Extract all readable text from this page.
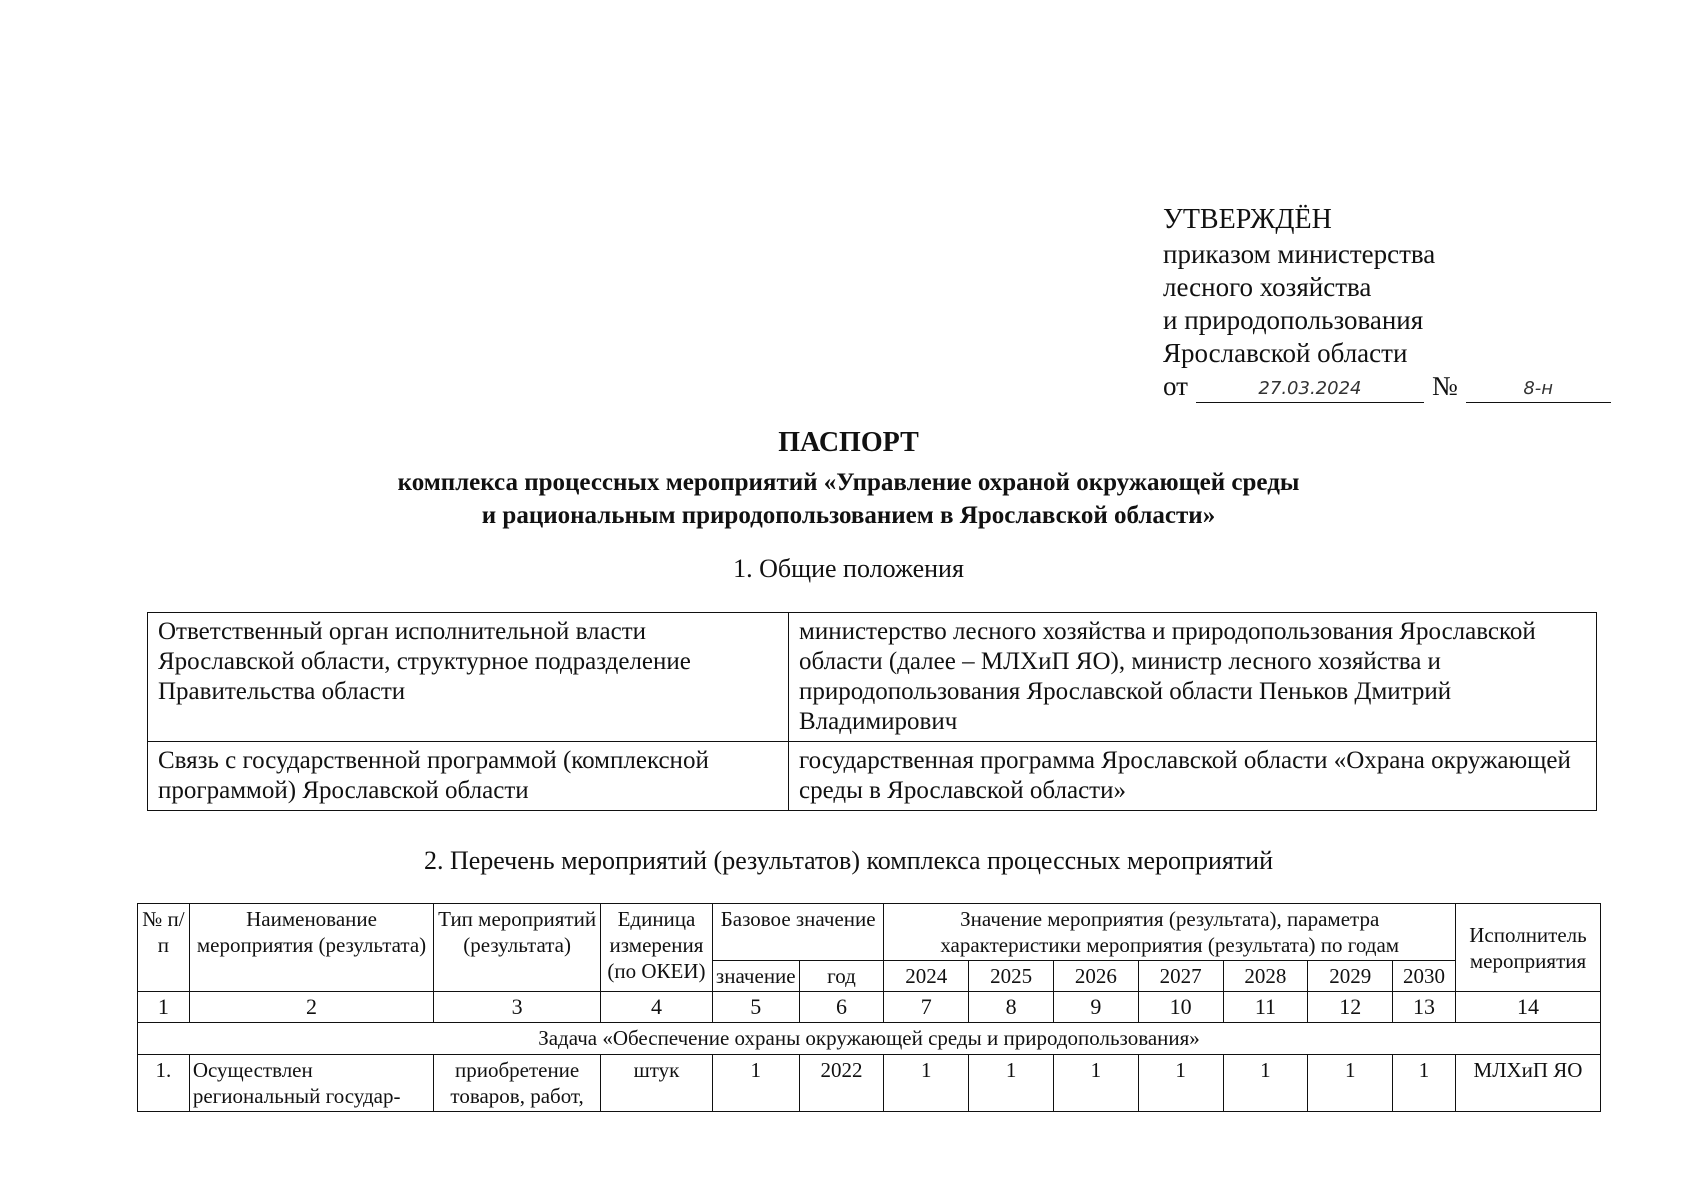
УТВЕРЖДЁН
приказом министерства
лесного хозяйства
и природопользования
Ярославской области
от	27.03.2024	№	8-н
ПАСПОРТ
комплекса процессных мероприятий «Управление охраной окружающей среды
и рациональным природопользованием в Ярославской области»
1. Общие положения
Ответственный орган исполнительной власти Ярославской области, структурное подразделение Правительства области	министерство лесного хозяйства и природопользования Ярославской области (далее – МЛХиП ЯО), министр лесного хозяйства и природопользования Ярославской области Пеньков Дмитрий Владимирович
Связь с государственной программой (комплексной программой) Ярославской области	государственная программа Ярославской области «Охрана окружающей среды в Ярославской области»
2. Перечень мероприятий (результатов) комплекса процессных мероприятий
№ п/п	Наименование мероприятия (результата)	Тип мероприятий (результата)	Единица измерения (по ОКЕИ)	Базовое значение		Значение мероприятия (результата), параметра характеристики мероприятия (результата) по годам							Исполнитель мероприятия
				значение	год	2024	2025	2026	2027	2028	2029	2030	
1	2	3	4	5	6	7	8	9	10	11	12	13	14
Задача «Обеспечение охраны окружающей среды и природопользования»													
1.	Осуществлен региональный государ-	приобретение товаров, работ,	штук	1	2022	1	1	1	1	1	1	1	МЛХиП ЯО
